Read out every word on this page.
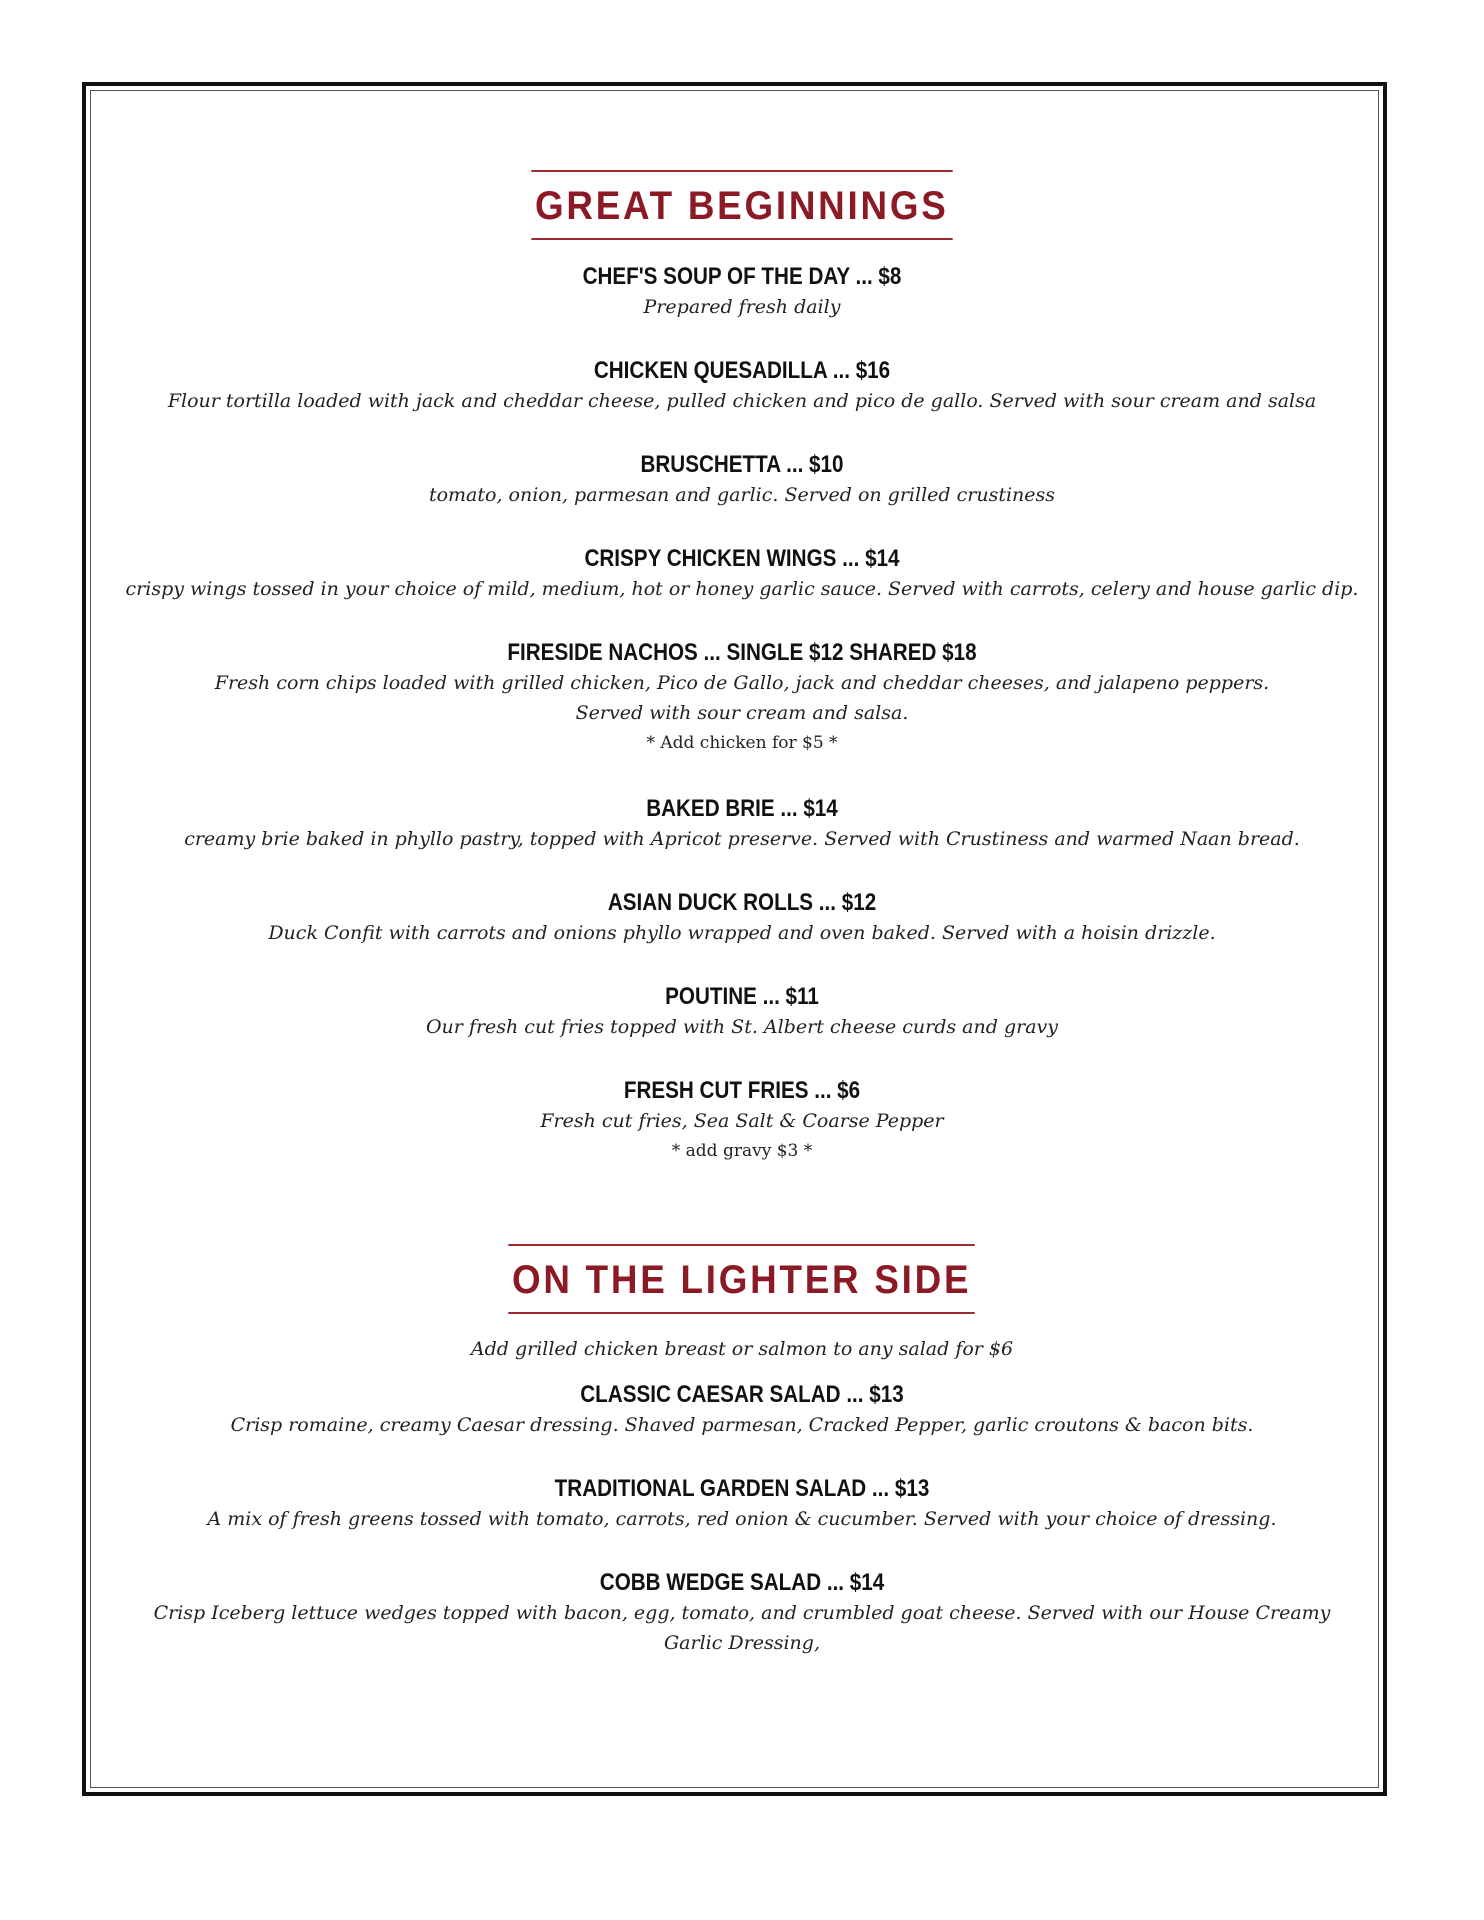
GREAT BEGINNINGS
CHEF'S SOUP OF THE DAY ... $8
Prepared fresh daily
CHICKEN QUESADILLA ... $16
Flour tortilla loaded with jack and cheddar cheese, pulled chicken and pico de gallo. Served with sour cream and salsa
BRUSCHETTA ... $10
tomato, onion, parmesan and garlic. Served on grilled crustiness
CRISPY CHICKEN WINGS ... $14
crispy wings tossed in your choice of mild, medium, hot or honey garlic sauce. Served with carrots, celery and house garlic dip.
FIRESIDE NACHOS ... SINGLE $12 SHARED $18
Fresh corn chips loaded with grilled chicken, Pico de Gallo, jack and cheddar cheeses, and jalapeno peppers. Served with sour cream and salsa.
* Add chicken for $5 *
BAKED BRIE ... $14
creamy brie baked in phyllo pastry, topped with Apricot preserve. Served with Crustiness and warmed Naan bread.
ASIAN DUCK ROLLS ... $12
Duck Confit with carrots and onions phyllo wrapped and oven baked. Served with a hoisin drizzle.
POUTINE ... $11
Our fresh cut fries topped with St. Albert cheese curds and gravy
FRESH CUT FRIES ... $6
Fresh cut fries, Sea Salt & Coarse Pepper
* add gravy $3 *
ON THE LIGHTER SIDE
Add grilled chicken breast or salmon to any salad for $6
CLASSIC CAESAR SALAD ... $13
Crisp romaine, creamy Caesar dressing. Shaved parmesan, Cracked Pepper, garlic croutons & bacon bits.
TRADITIONAL GARDEN SALAD ... $13
A mix of fresh greens tossed with tomato, carrots, red onion & cucumber. Served with your choice of dressing.
COBB WEDGE SALAD ... $14
Crisp Iceberg lettuce wedges topped with bacon, egg, tomato, and crumbled goat cheese. Served with our House Creamy Garlic Dressing,
